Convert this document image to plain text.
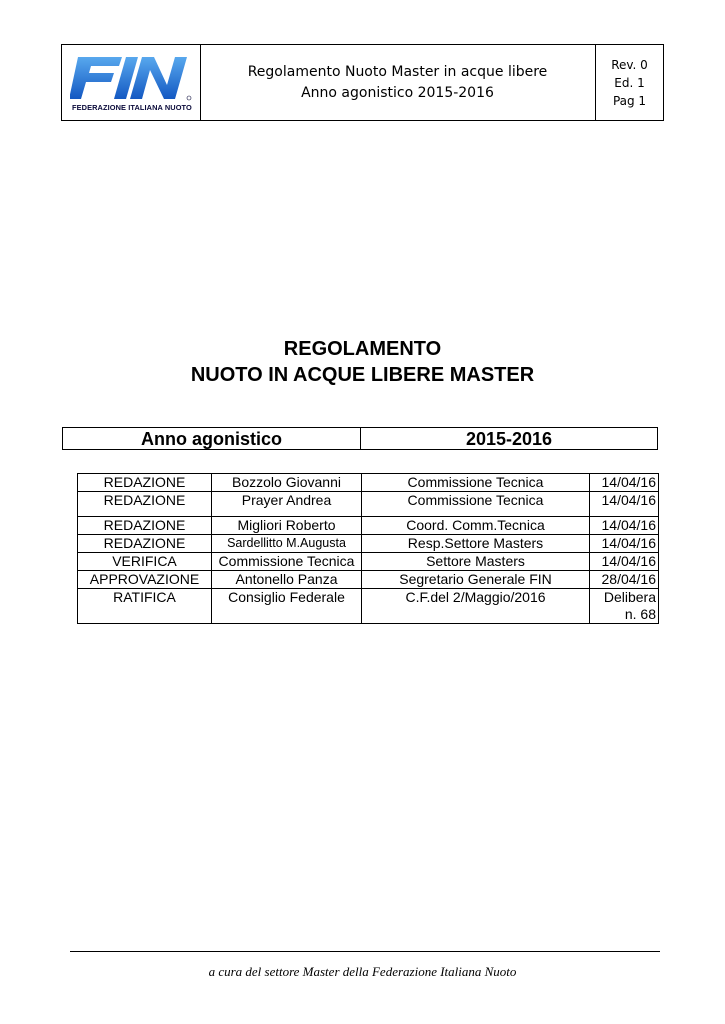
FEDERAZIONE ITALIANA NUOTO
Regolamento Nuoto Master in acque libere
Anno agonistico 2015-2016
Rev. 0
Ed. 1
Pag 1
REGOLAMENTO
NUOTO IN ACQUE LIBERE MASTER
Anno agonistico	2015-2016
REDAZIONE	Bozzolo Giovanni	Commissione Tecnica	14/04/16
REDAZIONE	Prayer Andrea	Commissione Tecnica	14/04/16
REDAZIONE	Migliori Roberto	Coord. Comm.Tecnica	14/04/16
REDAZIONE	Sardellitto M.Augusta	Resp.Settore Masters	14/04/16
VERIFICA	Commissione Tecnica	Settore Masters	14/04/16
APPROVAZIONE	Antonello Panza	Segretario Generale FIN	28/04/16
RATIFICA	Consiglio Federale	C.F.del 2/Maggio/2016	Delibera n. 68
a cura del settore Master della Federazione Italiana Nuoto
